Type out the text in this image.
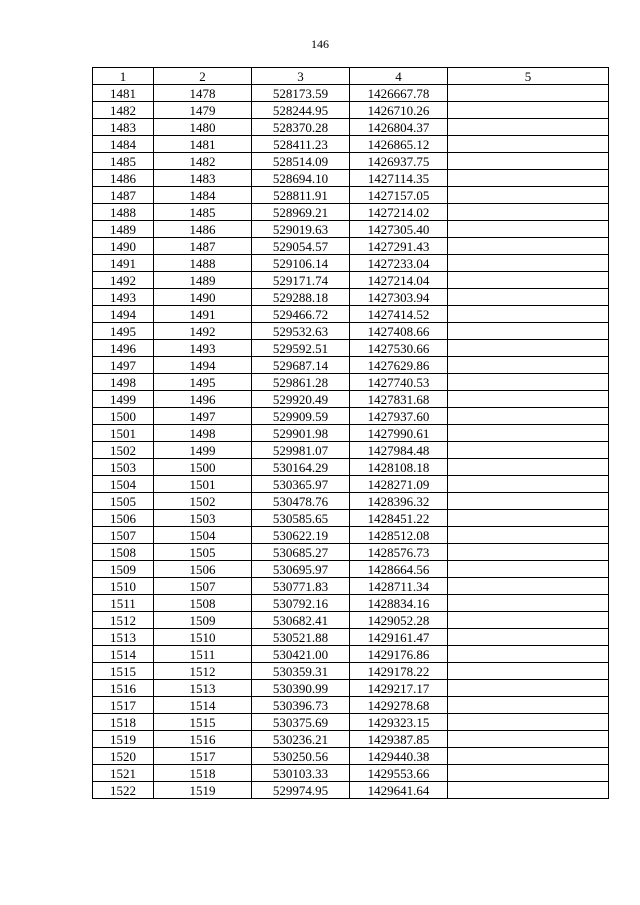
146
1	2	3	4	5
1481	1478	528173.59	1426667.78	
1482	1479	528244.95	1426710.26	
1483	1480	528370.28	1426804.37	
1484	1481	528411.23	1426865.12	
1485	1482	528514.09	1426937.75	
1486	1483	528694.10	1427114.35	
1487	1484	528811.91	1427157.05	
1488	1485	528969.21	1427214.02	
1489	1486	529019.63	1427305.40	
1490	1487	529054.57	1427291.43	
1491	1488	529106.14	1427233.04	
1492	1489	529171.74	1427214.04	
1493	1490	529288.18	1427303.94	
1494	1491	529466.72	1427414.52	
1495	1492	529532.63	1427408.66	
1496	1493	529592.51	1427530.66	
1497	1494	529687.14	1427629.86	
1498	1495	529861.28	1427740.53	
1499	1496	529920.49	1427831.68	
1500	1497	529909.59	1427937.60	
1501	1498	529901.98	1427990.61	
1502	1499	529981.07	1427984.48	
1503	1500	530164.29	1428108.18	
1504	1501	530365.97	1428271.09	
1505	1502	530478.76	1428396.32	
1506	1503	530585.65	1428451.22	
1507	1504	530622.19	1428512.08	
1508	1505	530685.27	1428576.73	
1509	1506	530695.97	1428664.56	
1510	1507	530771.83	1428711.34	
1511	1508	530792.16	1428834.16	
1512	1509	530682.41	1429052.28	
1513	1510	530521.88	1429161.47	
1514	1511	530421.00	1429176.86	
1515	1512	530359.31	1429178.22	
1516	1513	530390.99	1429217.17	
1517	1514	530396.73	1429278.68	
1518	1515	530375.69	1429323.15	
1519	1516	530236.21	1429387.85	
1520	1517	530250.56	1429440.38	
1521	1518	530103.33	1429553.66	
1522	1519	529974.95	1429641.64	
